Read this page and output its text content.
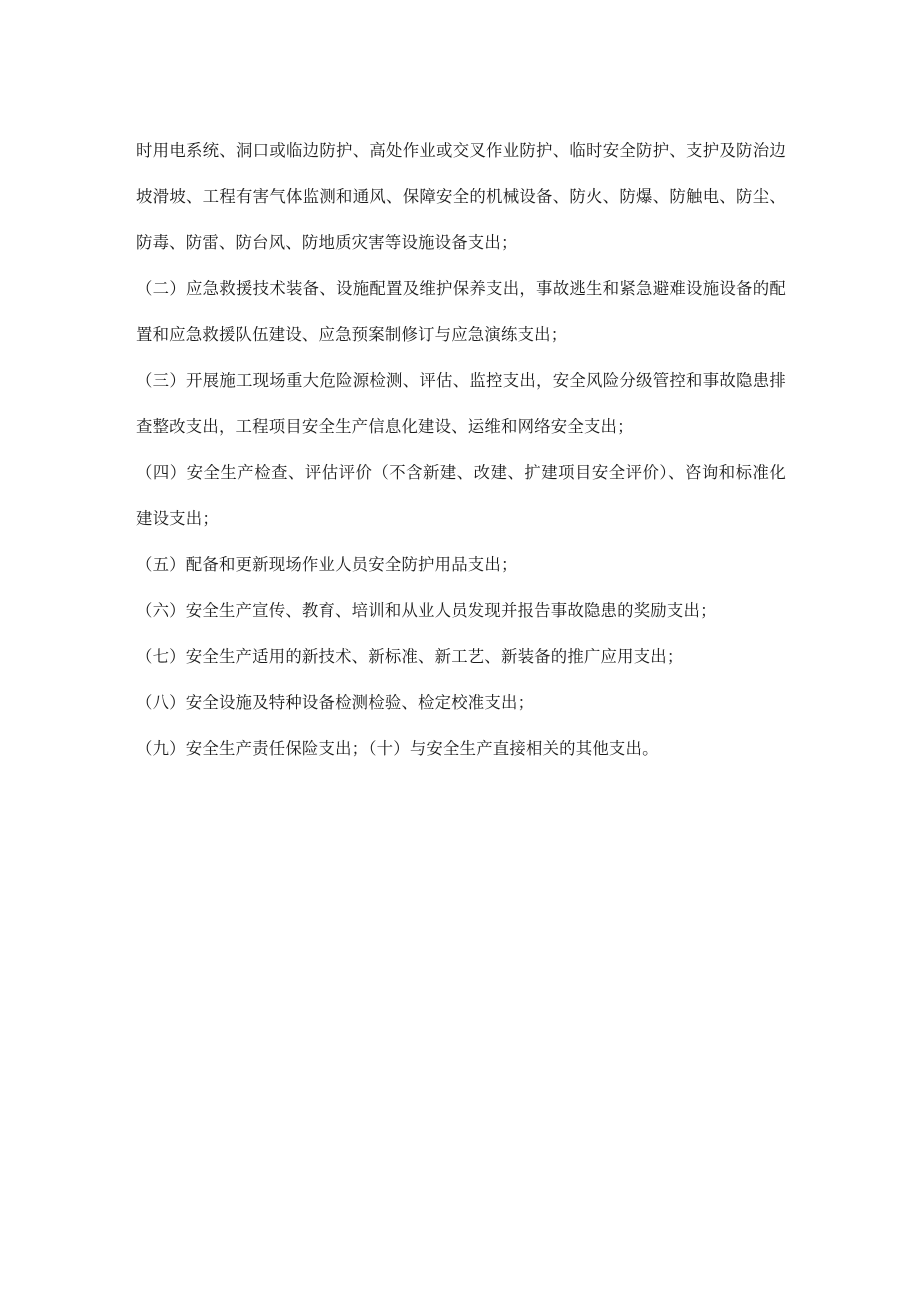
时用电系统、洞口或临边防护、高处作业或交叉作业防护、临时安全防护、支护及防治边坡滑坡、工程有害气体监测和通风、保障安全的机械设备、防火、防爆、防触电、防尘、防毒、防雷、防台风、防地质灾害等设施设备支出；

（二）应急救援技术装备、设施配置及维护保养支出，事故逃生和紧急避难设施设备的配置和应急救援队伍建设、应急预案制修订与应急演练支出；

（三）开展施工现场重大危险源检测、评估、监控支出，安全风险分级管控和事故隐患排查整改支出，工程项目安全生产信息化建设、运维和网络安全支出；

（四）安全生产检查、评估评价（不含新建、改建、扩建项目安全评价）、咨询和标准化建设支出；

（五）配备和更新现场作业人员安全防护用品支出；

（六）安全生产宣传、教育、培训和从业人员发现并报告事故隐患的奖励支出；

（七）安全生产适用的新技术、新标准、新工艺、新装备的推广应用支出；

（八）安全设施及特种设备检测检验、检定校准支出；

（九）安全生产责任保险支出；（十）与安全生产直接相关的其他支出。
